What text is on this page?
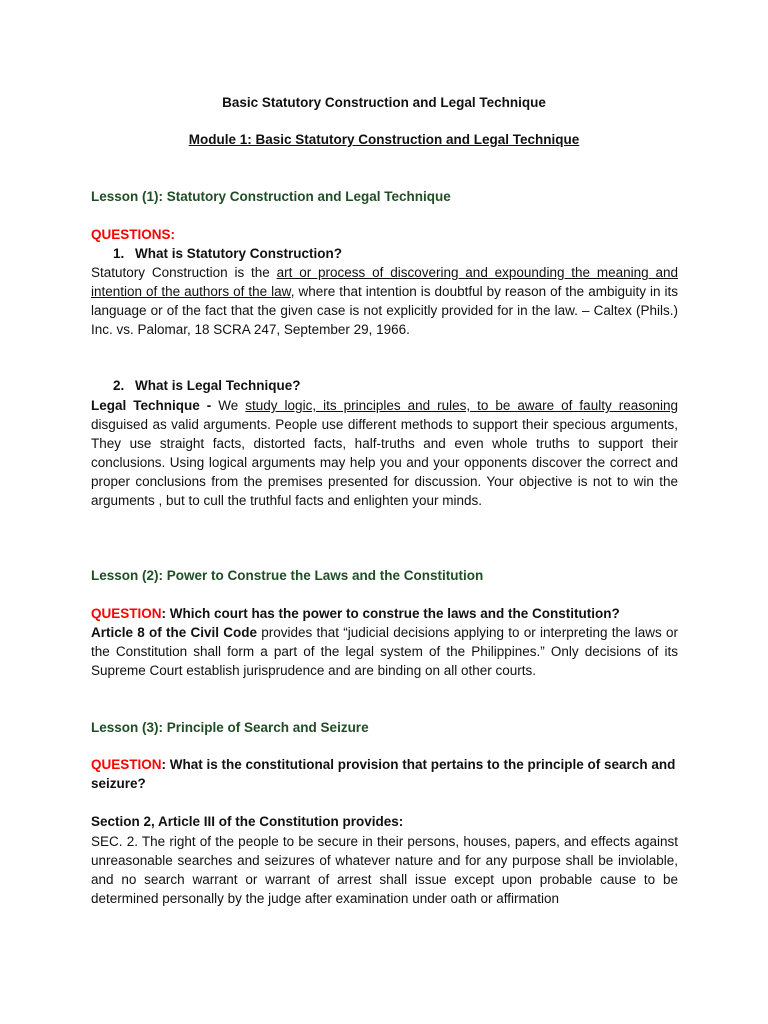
Basic Statutory Construction and Legal Technique
Module 1: Basic Statutory Construction and Legal Technique
Lesson (1): Statutory Construction and Legal Technique
QUESTIONS:
1. What is Statutory Construction?
Statutory Construction is the art or process of discovering and expounding the meaning and intention of the authors of the law, where that intention is doubtful by reason of the ambiguity in its language or of the fact that the given case is not explicitly provided for in the law. – Caltex (Phils.) Inc. vs. Palomar, 18 SCRA 247, September 29, 1966.
2. What is Legal Technique?
Legal Technique - We study logic, its principles and rules, to be aware of faulty reasoning disguised as valid arguments. People use different methods to support their specious arguments, They use straight facts, distorted facts, half-truths and even whole truths to support their conclusions. Using logical arguments may help you and your opponents discover the correct and proper conclusions from the premises presented for discussion. Your objective is not to win the arguments , but to cull the truthful facts and enlighten your minds.
Lesson (2): Power to Construe the Laws and the Constitution
QUESTION: Which court has the power to construe the laws and the Constitution?
Article 8 of the Civil Code provides that “judicial decisions applying to or interpreting the laws or the Constitution shall form a part of the legal system of the Philippines.” Only decisions of its Supreme Court establish jurisprudence and are binding on all other courts.
Lesson (3): Principle of Search and Seizure
QUESTION: What is the constitutional provision that pertains to the principle of search and seizure?
Section 2, Article III of the Constitution provides:
SEC. 2. The right of the people to be secure in their persons, houses, papers, and effects against unreasonable searches and seizures of whatever nature and for any purpose shall be inviolable, and no search warrant or warrant of arrest shall issue except upon probable cause to be determined personally by the judge after examination under oath or affirmation
